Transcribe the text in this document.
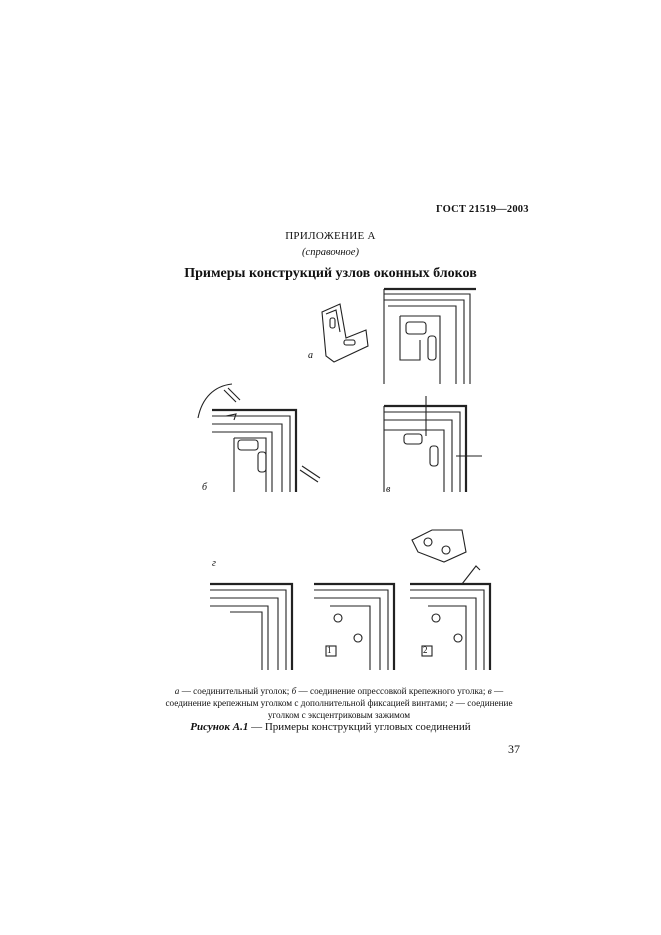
ГОСТ 21519—2003
ПРИЛОЖЕНИЕ А
(справочное)
Примеры конструкций узлов оконных блоков
а
б	в
г
1	2
а — соединительный уголок; б — соединение опрессовкой крепежного уголка; в — соединение крепежным уголком с дополнительной фиксацией винтами; г — соединение уголком с эксцентриковым зажимом
Рисунок А.1 — Примеры конструкций угловых соединений
37
